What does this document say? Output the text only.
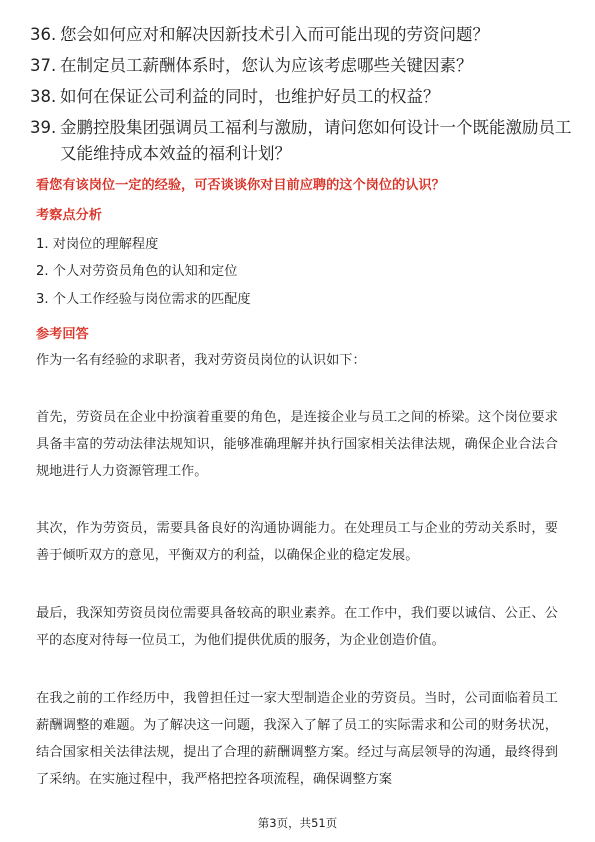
36. 您会如何应对和解决因新技术引入而可能出现的劳资问题？
37. 在制定员工薪酬体系时，您认为应该考虑哪些关键因素？
38. 如何在保证公司利益的同时，也维护好员工的权益？
39. 金鹏控股集团强调员工福利与激励，请问您如何设计一个既能激励员工又能维持成本效益的福利计划？
看您有该岗位一定的经验，可否谈谈你对目前应聘的这个岗位的认识？
考察点分析
1. 对岗位的理解程度
2. 个人对劳资员角色的认知和定位
3. 个人工作经验与岗位需求的匹配度
参考回答
作为一名有经验的求职者，我对劳资员岗位的认识如下：
首先，劳资员在企业中扮演着重要的角色，是连接企业与员工之间的桥梁。这个岗位要求具备丰富的劳动法律法规知识，能够准确理解并执行国家相关法律法规，确保企业合法合规地进行人力资源管理工作。
其次，作为劳资员，需要具备良好的沟通协调能力。在处理员工与企业的劳动关系时，要善于倾听双方的意见，平衡双方的利益，以确保企业的稳定发展。
最后，我深知劳资员岗位需要具备较高的职业素养。在工作中，我们要以诚信、公正、公平的态度对待每一位员工，为他们提供优质的服务，为企业创造价值。
在我之前的工作经历中，我曾担任过一家大型制造企业的劳资员。当时，公司面临着员工薪酬调整的难题。为了解决这一问题，我深入了解了员工的实际需求和公司的财务状况，结合国家相关法律法规，提出了合理的薪酬调整方案。经过与高层领导的沟通，最终得到了采纳。在实施过程中，我严格把控各项流程，确保调整方案
第3页，共51页
